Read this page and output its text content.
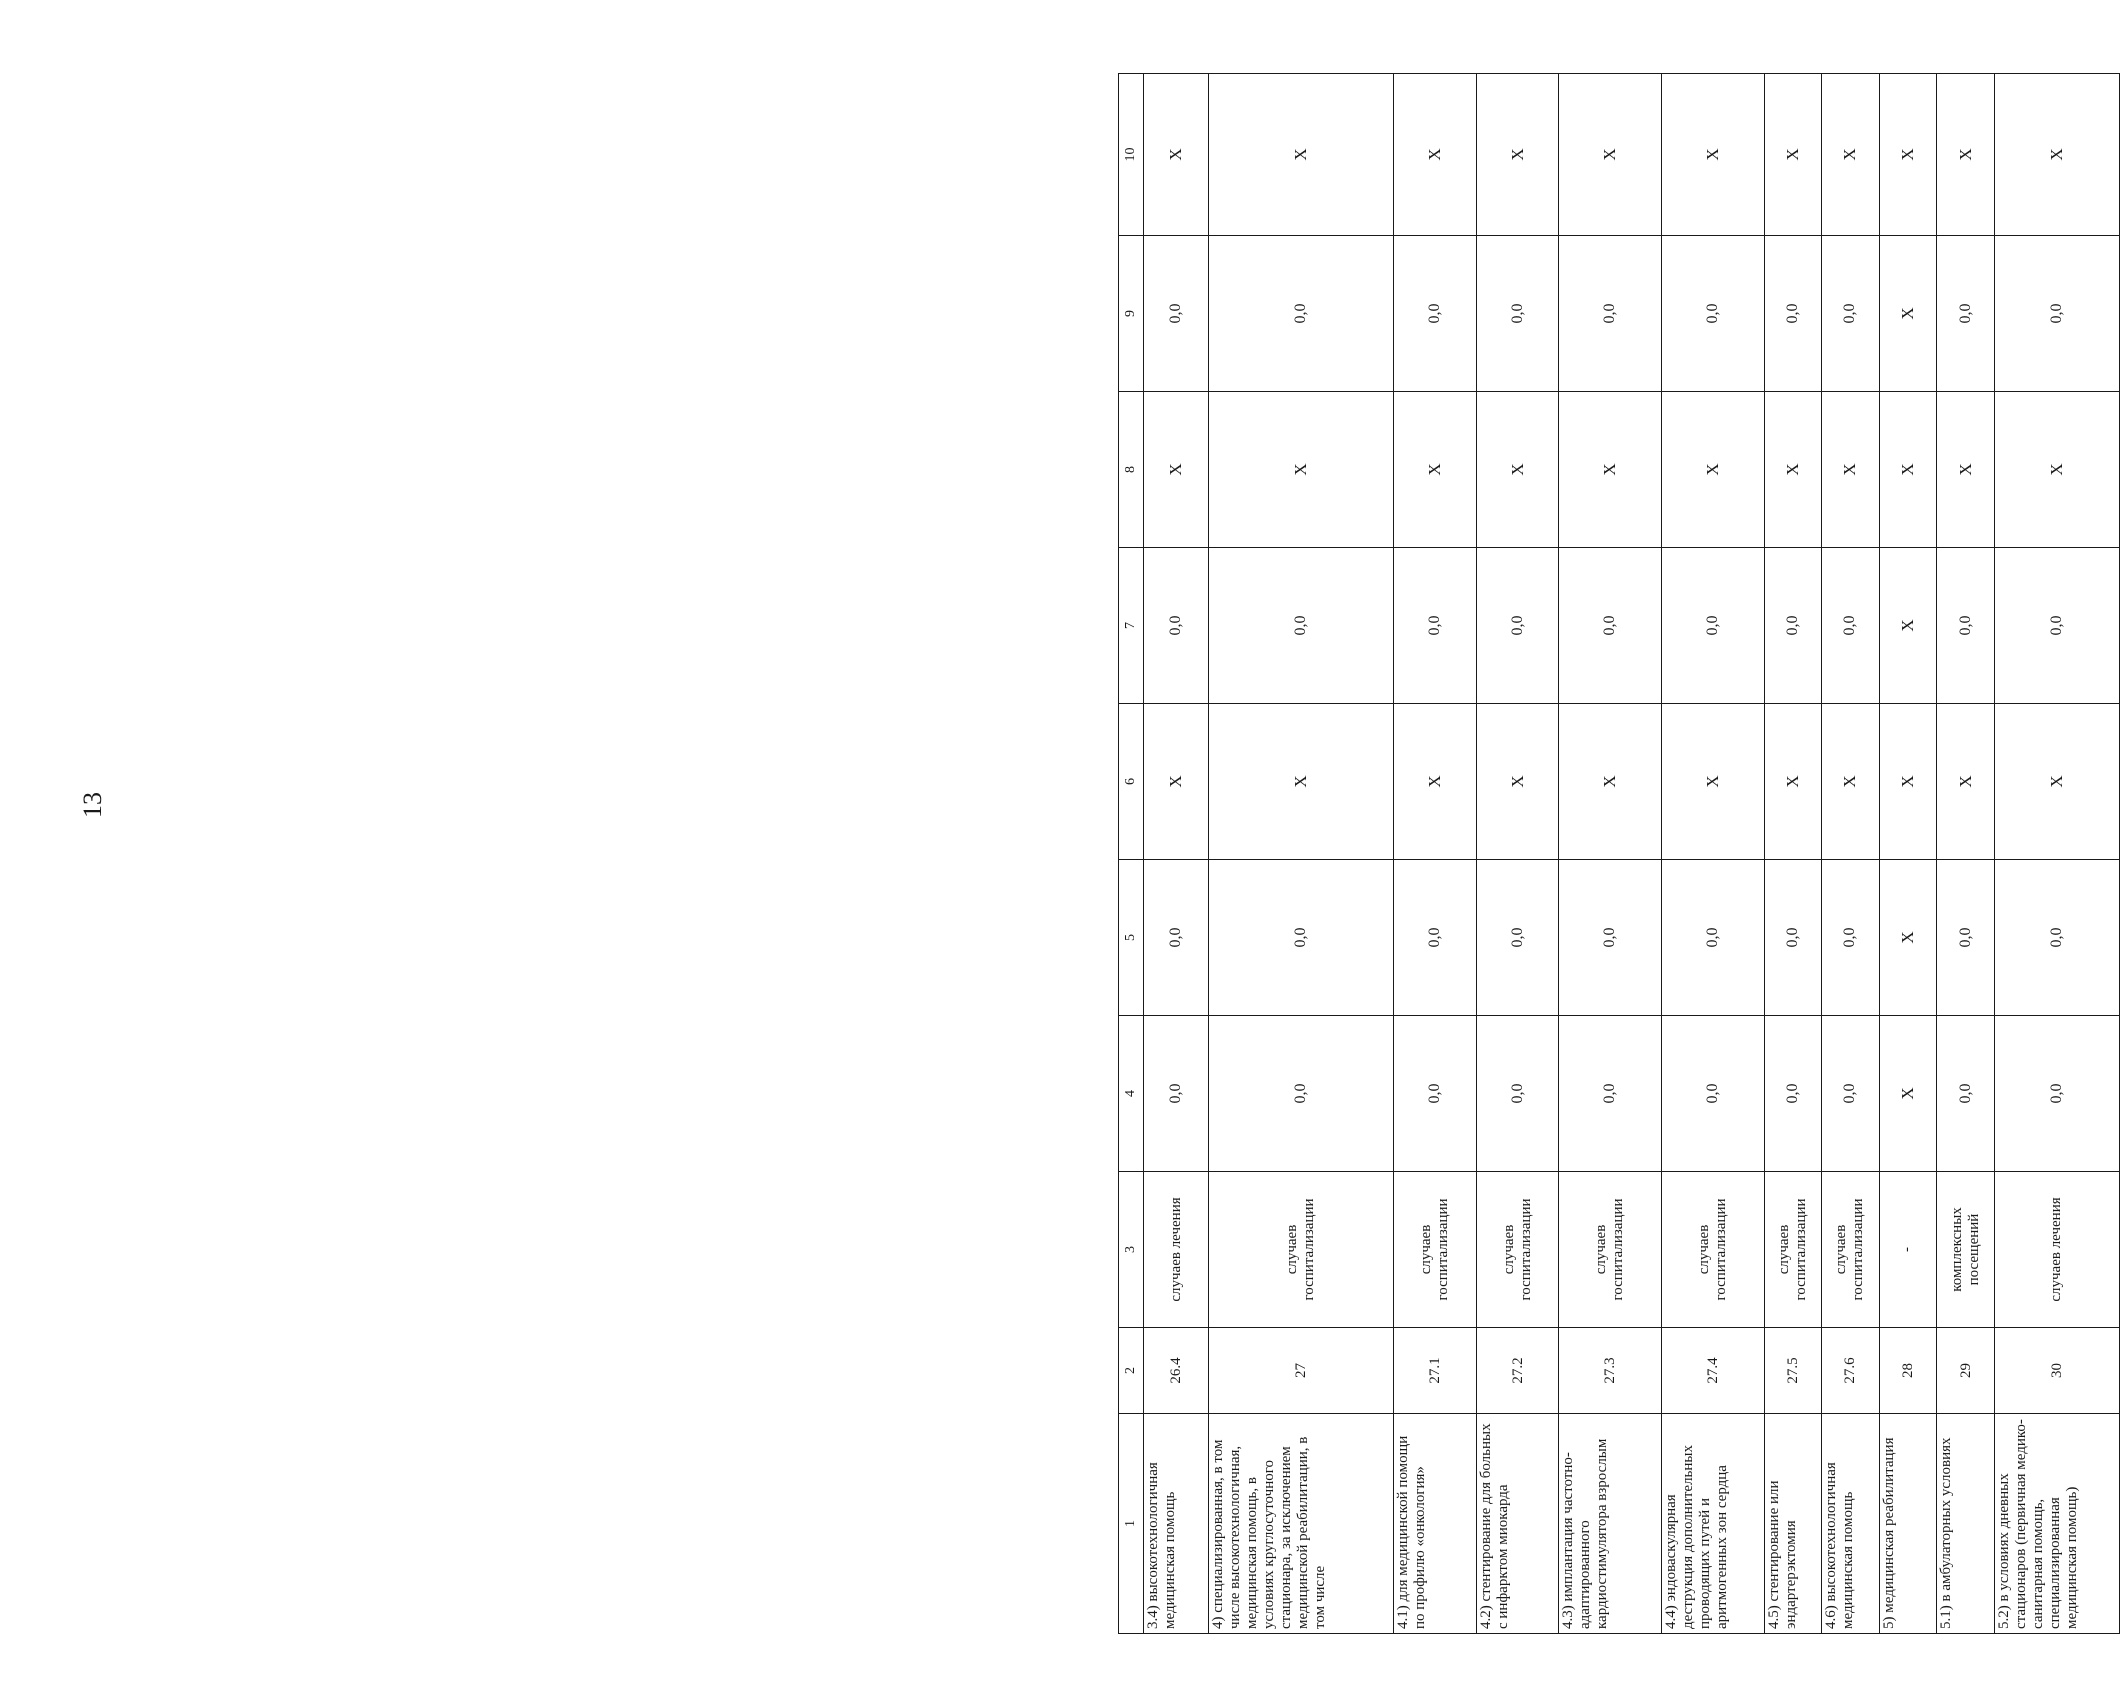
13
1	2	3	4	5	6	7	8	9	10
3.4) высокотехнологичная медицинская помощь	26.4	случаев лечения	0,0	0,0	Х	0,0	Х	0,0	Х
4) специализированная, в том числе высокотехнологичная, медицинская помощь, в условиях круглосуточного стационара, за исключением медицинской реабилитации, в том числе	27	случаев госпитализации	0,0	0,0	Х	0,0	Х	0,0	Х
4.1) для медицинской помощи по профилю «онкология»	27.1	случаев госпитализации	0,0	0,0	Х	0,0	Х	0,0	Х
4.2) стентирование для больных с инфарктом миокарда	27.2	случаев госпитализации	0,0	0,0	Х	0,0	Х	0,0	Х
4.3) имплантация частотно-адаптированного кардиостимулятора взрослым	27.3	случаев госпитализации	0,0	0,0	Х	0,0	Х	0,0	Х
4.4) эндоваскулярная деструкция дополнительных проводящих путей и аритмогенных зон сердца	27.4	случаев госпитализации	0,0	0,0	Х	0,0	Х	0,0	Х
4.5) стентирование или эндартерэктомия	27.5	случаев госпитализации	0,0	0,0	Х	0,0	Х	0,0	Х
4.6) высокотехнологичная медицинская помощь	27.6	случаев госпитализации	0,0	0,0	Х	0,0	Х	0,0	Х
5) медицинская реабилитация	28	-	Х	Х	Х	Х	Х	Х	Х
5.1) в амбулаторных условиях	29	комплексных посещений	0,0	0,0	Х	0,0	Х	0,0	Х
5.2) в условиях дневных стационаров (первичная медико-санитарная помощь, специализированная медицинская помощь)	30	случаев лечения	0,0	0,0	Х	0,0	Х	0,0	Х
